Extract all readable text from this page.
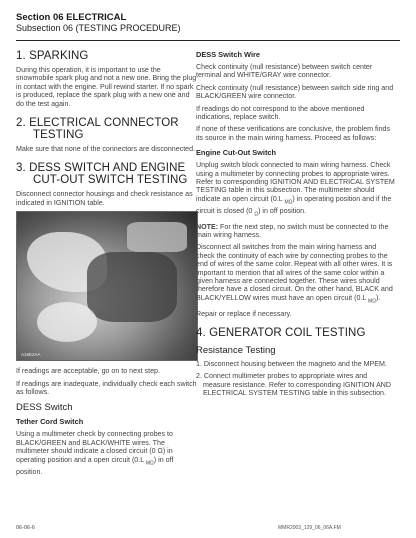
Section 06 ELECTRICAL
Subsection 06 (TESTING PROCEDURE)
1. SPARKING

During this operation, it is important to use the snowmobile spark plug and not a new one. Bring the plug in contact with the engine. Pull rewind starter. If no spark is produced, replace the spark plug with a new one and do the test again.

2. ELECTRICAL CONNECTOR
TESTING

Make sure that none of the connectors are disconnected.

3. DESS SWITCH AND ENGINE
CUT-OUT SWITCH TESTING

Disconnect connector housings and check resistance as indicated in IGNITION table.

A16E2AA

If readings are acceptable, go on to next step.

If readings are inadequate, individually check each switch as follows.

DESS Switch
Tether Cord Switch

Using a multimeter check by connecting probes to BLACK/GREEN and BLACK/WHITE wires. The multimeter should indicate a closed circuit (0 Ω) in operating position and a open circuit (0.L $_{M\Omega}$) in off position.

DESS Switch Wire

Check continuity (null resistance) between switch center terminal and WHITE/GRAY wire connector.

Check continuity (null resistance) between switch side ring and BLACK/GREEN wire connector.

If readings do not correspond to the above mentioned indications, replace switch.

If none of these verifications are conclusive, the problem finds its source in the main wiring harness. Proceed as follows:

Engine Cut-Out Switch

Unplug switch block connected to main wiring harness. Check using a multimeter by connecting probes to appropriate wires. Refer to corresponding IGNITION AND ELECTRICAL SYSTEM TESTING table in this subsection. The multimeter should indicate an open circuit (0.L $_{M\Omega}$) in operating position and if the circuit is closed (0 $_\Omega$) in off position.

NOTE: For the next step, no switch must be connected to the main wiring harness.

Disconnect all switches from the main wiring harness and check the continuity of each wire by connecting probes to the end of wires of the same color. Repeat with all other wires. It is important to mention that all wires of the same color within a given harness are connected together. These wires should therefore have a closed circuit. On the other hand, BLACK and BLACK/YELLOW wires must have an open circuit (0.L $_{M\Omega}$).

Repair or replace if necessary.

4. GENERATOR COIL TESTING
Resistance Testing

1. Disconnect housing between the magneto and the MPEM.

2. Connect multimeter probes to appropriate wires and measure resistance. Refer to corresponding IGNITION AND ELECTRICAL SYSTEM TESTING table in this subsection.

06-06-6	MMR2003_129_06_06A.FM
